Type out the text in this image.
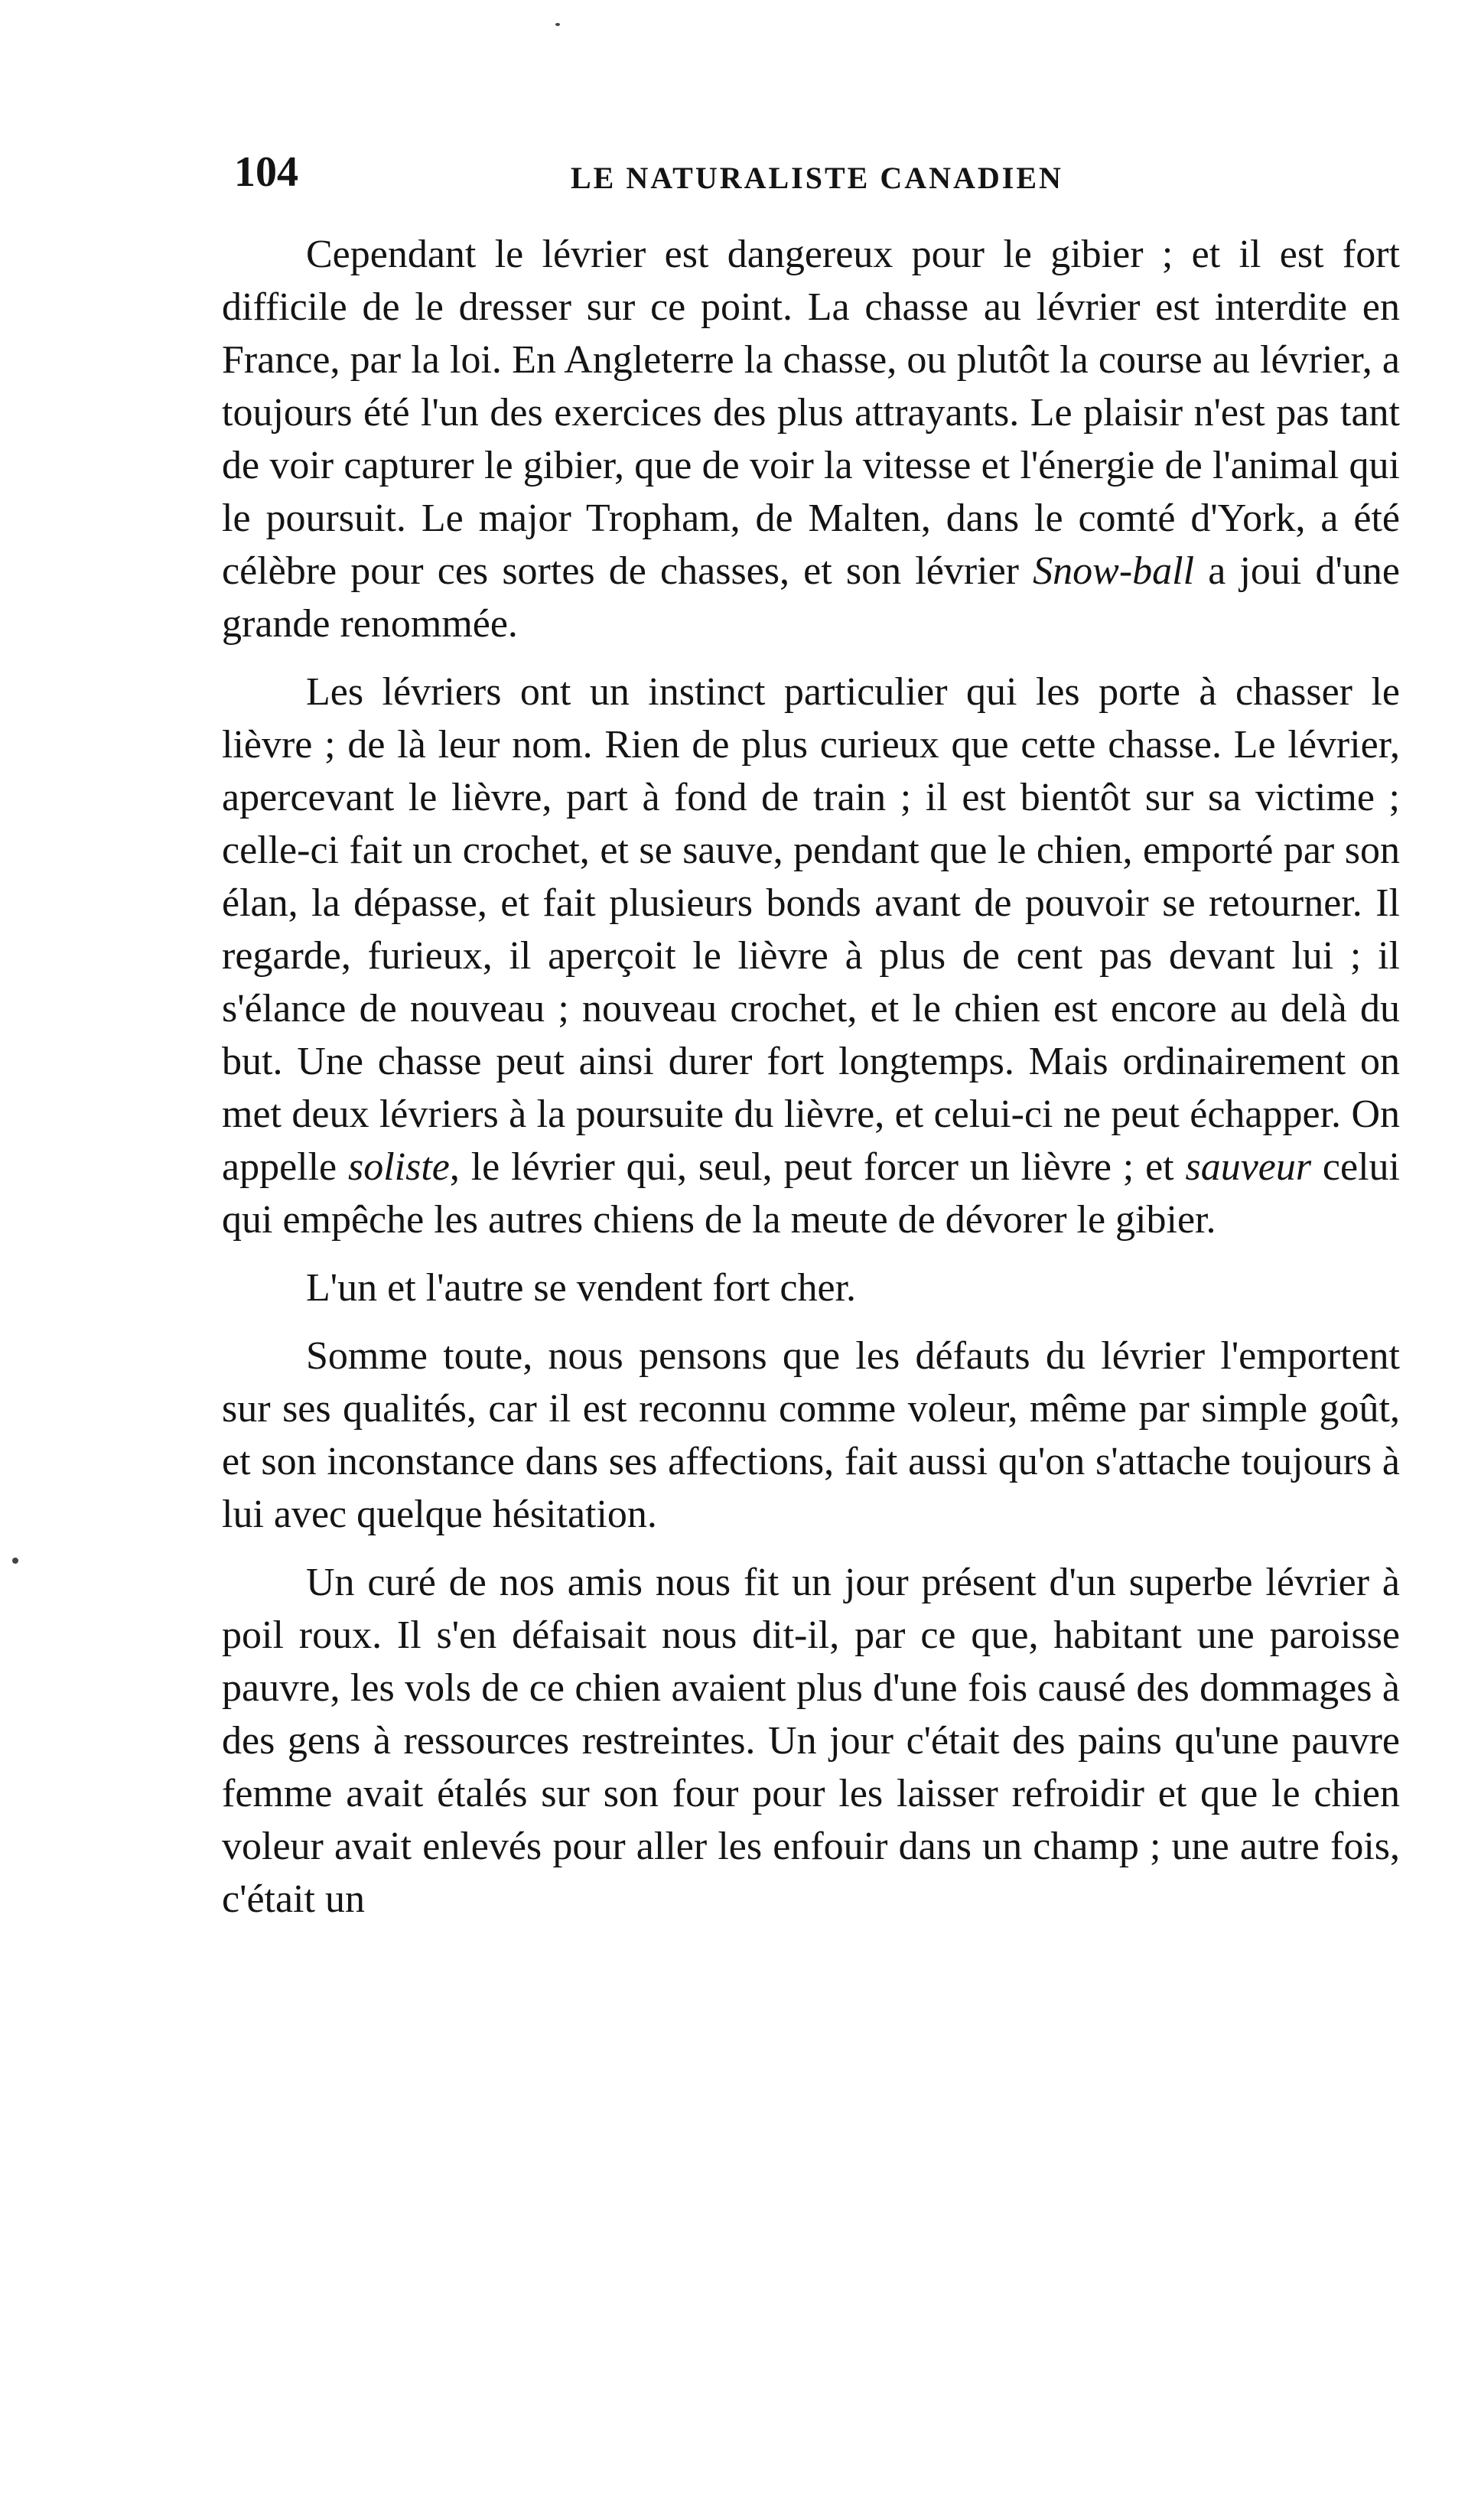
104	LE NATURALISTE CANADIEN

Cependant le lévrier est dangereux pour le gibier ; et il est fort difficile de le dresser sur ce point. La chasse au lévrier est interdite en France, par la loi. En Angleterre la chasse, ou plutôt la course au lévrier, a toujours été l'un des exercices des plus attrayants. Le plaisir n'est pas tant de voir capturer le gibier, que de voir la vitesse et l'énergie de l'animal qui le poursuit. Le major Tropham, de Malten, dans le comté d'York, a été célèbre pour ces sortes de chasses, et son lévrier Snow-ball a joui d'une grande renommée.

Les lévriers ont un instinct particulier qui les porte à chasser le lièvre ; de là leur nom. Rien de plus curieux que cette chasse. Le lévrier, apercevant le lièvre, part à fond de train ; il est bientôt sur sa victime ; celle-ci fait un crochet, et se sauve, pendant que le chien, emporté par son élan, la dépasse, et fait plusieurs bonds avant de pouvoir se retourner. Il regarde, furieux, il aperçoit le lièvre à plus de cent pas devant lui ; il s'élance de nouveau ; nouveau crochet, et le chien est encore au delà du but. Une chasse peut ainsi durer fort longtemps. Mais ordinairement on met deux lévriers à la poursuite du lièvre, et celui-ci ne peut échapper. On appelle soliste, le lévrier qui, seul, peut forcer un lièvre ; et sauveur celui qui empêche les autres chiens de la meute de dévorer le gibier.

L'un et l'autre se vendent fort cher.

Somme toute, nous pensons que les défauts du lévrier l'emportent sur ses qualités, car il est reconnu comme voleur, même par simple goût, et son inconstance dans ses affections, fait aussi qu'on s'attache toujours à lui avec quelque hésitation.

Un curé de nos amis nous fit un jour présent d'un superbe lévrier à poil roux. Il s'en défaisait nous dit-il, par ce que, habitant une paroisse pauvre, les vols de ce chien avaient plus d'une fois causé des dommages à des gens à ressources restreintes. Un jour c'était des pains qu'une pauvre femme avait étalés sur son four pour les laisser refroidir et que le chien voleur avait enlevés pour aller les enfouir dans un champ ; une autre fois, c'était un
